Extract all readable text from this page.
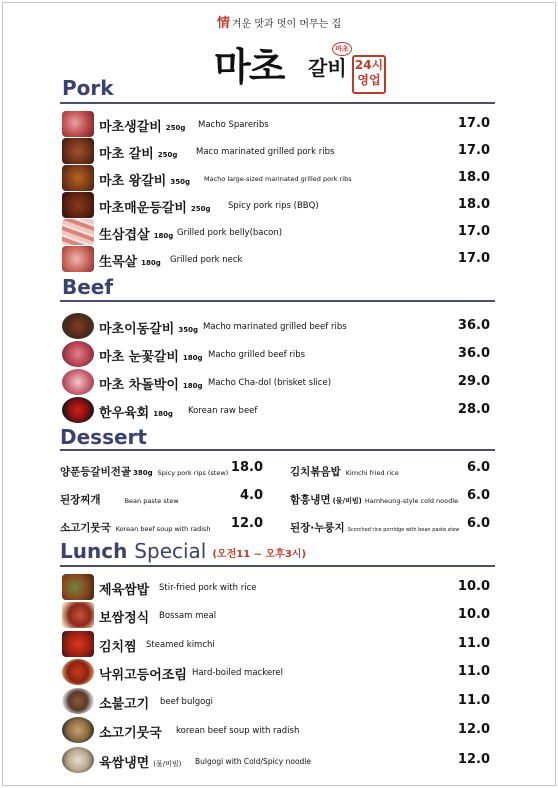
情 겨운 맛과 멋이 머무는 집
마초 갈비
마초
24시
영업
Pork
마초생갈비 250g Macho Spareribs	17.0
마초 갈비 250g Maco marinated grilled pork ribs	17.0
마초 왕갈비 350g Macho large-sized marinated grilled pork ribs	18.0
마초매운등갈비 250g Spicy pork rips (BBQ)	18.0
生삼겹살 180g Grilled pork belly(bacon)	17.0
生목살 180g Grilled pork neck	17.0
Beef
마초이동갈비 350g Macho marinated grilled beef ribs	36.0
마초 눈꽃갈비 180g Macho grilled beef ribs	36.0
마초 차돌박이 180g Macho Cha-dol (brisket slice)	29.0
한우육회 180g Korean raw beef	28.0
Dessert
양푼등갈비전골 380g Spicy pork rips (stew) 18.0
된장찌개	Bean paste stew	4.0
소고기뭇국 Korean beef soup with radish 12.0
김치볶음밥 Kimchi fried rice	6.0
함흥냉면 (물/비빔) Hamheung-style cold noodle 6.0
된장·누룽지 Scorched rice porridge with bean paste stew 6.0
Lunch Special (오전11 ~ 오후3시)
제육쌈밥 Stir-fried pork with rice	10.0
보쌈정식 Bossam meal	10.0
김치찜 Steamed kimchi	11.0
낙위고등어조림 Hard-boiled mackerel	11.0
소불고기 beef bulgogi	11.0
소고기뭇국 korean beef soup with radish	12.0
육쌈냉면 (물/비빔) Bulgogi with Cold/Spicy noodle	12.0
